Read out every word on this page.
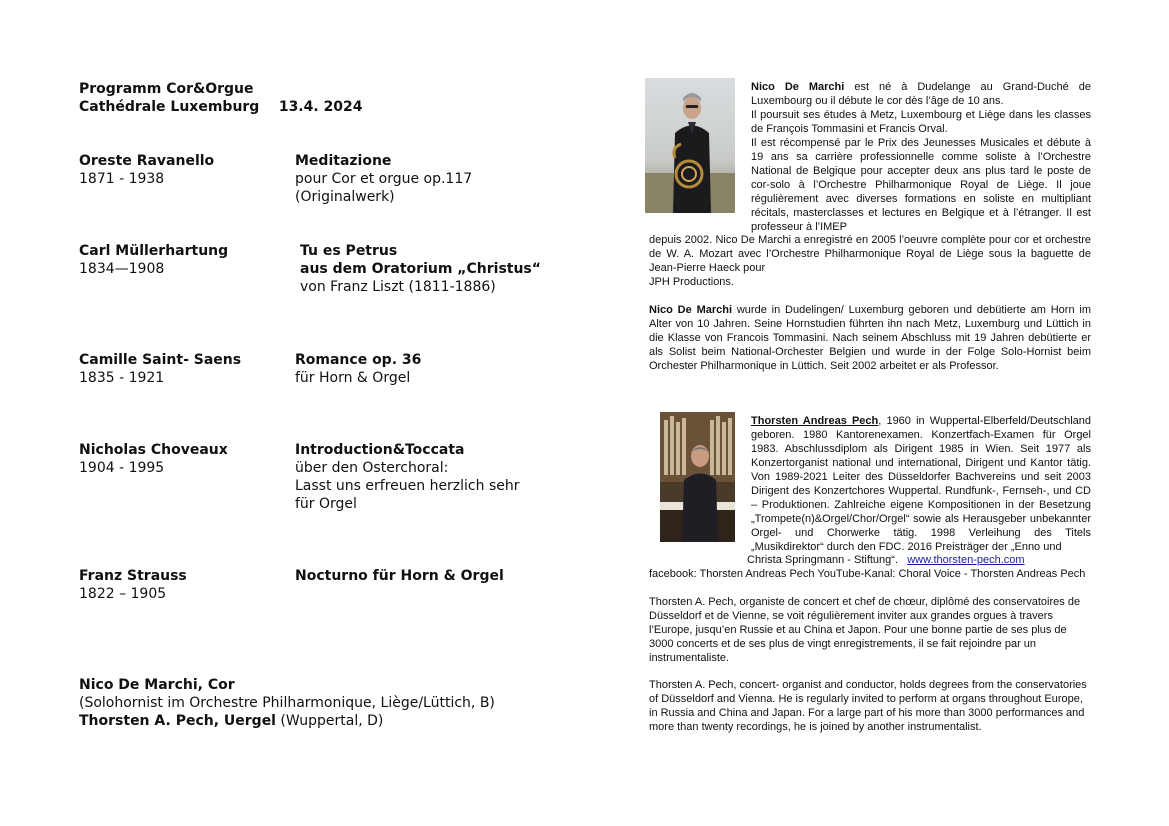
Programm Cor&Orgue
Cathédrale Luxemburg    13.4. 2024
Oreste Ravanello
1871 - 1938
Meditazione
pour Cor et orgue op.117
(Originalwerk)
Carl Müllerhartung
1834—1908
Tu es Petrus
aus dem Oratorium „Christus“
von Franz Liszt (1811-1886)
Camille Saint- Saens
1835 - 1921
Romance op. 36
für Horn & Orgel
Nicholas Choveaux
1904 - 1995
Introduction&Toccata
über den Osterchoral:
Lasst uns erfreuen herzlich sehr
für Orgel
Franz Strauss
1822 – 1905
Nocturno für Horn & Orgel
Nico De Marchi, Cor
(Solohornist im Orchestre Philharmonique, Liège/Lüttich, B)
Thorsten A. Pech, Uergel (Wuppertal, D)
Nico De Marchi est né à Dudelange au Grand-Duché de Luxembourg ou il débute le cor dès l’âge de 10 ans.
Il poursuit ses études à Metz, Luxembourg et Liège dans les classes de François Tommasini et Francis Orval.
Il est récompensé par le Prix des Jeunesses Musicales et débute à 19 ans sa carrière professionnelle comme soliste à l’Orchestre National de Belgique pour accepter deux ans plus tard le poste de cor-solo à l’Orchestre Philharmonique Royal de Liège. Il joue régulièrement avec diverses formations en soliste en multipliant récitals, masterclasses et lectures en Belgique et à l’étranger. Il est professeur à l’IMEP
depuis 2002. Nico De Marchi a enregistré en 2005 l’oeuvre complète pour cor et orchestre de W. A. Mozart avec l’Orchestre Philharmonique Royal de Liège sous la baguette de Jean-Pierre Haeck pour
JPH Productions.
Nico De Marchi wurde in Dudelingen/ Luxemburg geboren und debütierte am Horn im Alter von 10 Jahren. Seine Hornstudien führten ihn nach Metz, Luxemburg und Lüttich in die Klasse von Francois Tommasini. Nach seinem Abschluss mit 19 Jahren debütierte er als Solist beim National-Orchester Belgien und wurde in der Folge Solo-Hornist beim Orchester Philharmonique in Lüttich. Seit 2002 arbeitet er als Professor.
Thorsten Andreas Pech, 1960 in Wuppertal-Elberfeld/Deutschland geboren. 1980 Kantorenexamen. Konzertfach-Examen für Orgel 1983. Abschlussdiplom als Dirigent 1985 in Wien. Seit 1977 als Konzertorganist national und international, Dirigent und Kantor tätig. Von 1989-2021 Leiter des Düsseldorfer Bachvereins und seit 2003 Dirigent des Konzertchores Wuppertal. Rundfunk-, Fernseh-, und CD – Produktionen. Zahlreiche eigene Kompositionen in der Besetzung „Trompete(n)&Orgel/Chor/Orgel“ sowie als Herausgeber unbekannter Orgel- und Chorwerke tätig. 1998 Verleihung des Titels „Musikdirektor“ durch den FDC. 2016 Preisträger der „Enno und
Christa Springmann - Stiftung“. www.thorsten-pech.com
facebook: Thorsten Andreas Pech YouTube-Kanal: Choral Voice - Thorsten Andreas Pech
Thorsten A. Pech, organiste de concert et chef de chœur, diplômé des conservatoires de Düsseldorf et de Vienne, se voit régulièrement inviter aux grandes orgues à travers l’Europe, jusqu’en Russie et au China et Japon. Pour une bonne partie de ses plus de 3000 concerts et de ses plus de vingt enregistrements, il se fait rejoindre par un instrumentaliste.
Thorsten A. Pech, concert- organist and conductor, holds degrees from the conservatories of Düsseldorf and Vienna. He is regularly invited to perform at organs throughout Europe, in Russia and China and Japan. For a large part of his more than 3000 performances and more than twenty recordings, he is joined by another instrumentalist.
